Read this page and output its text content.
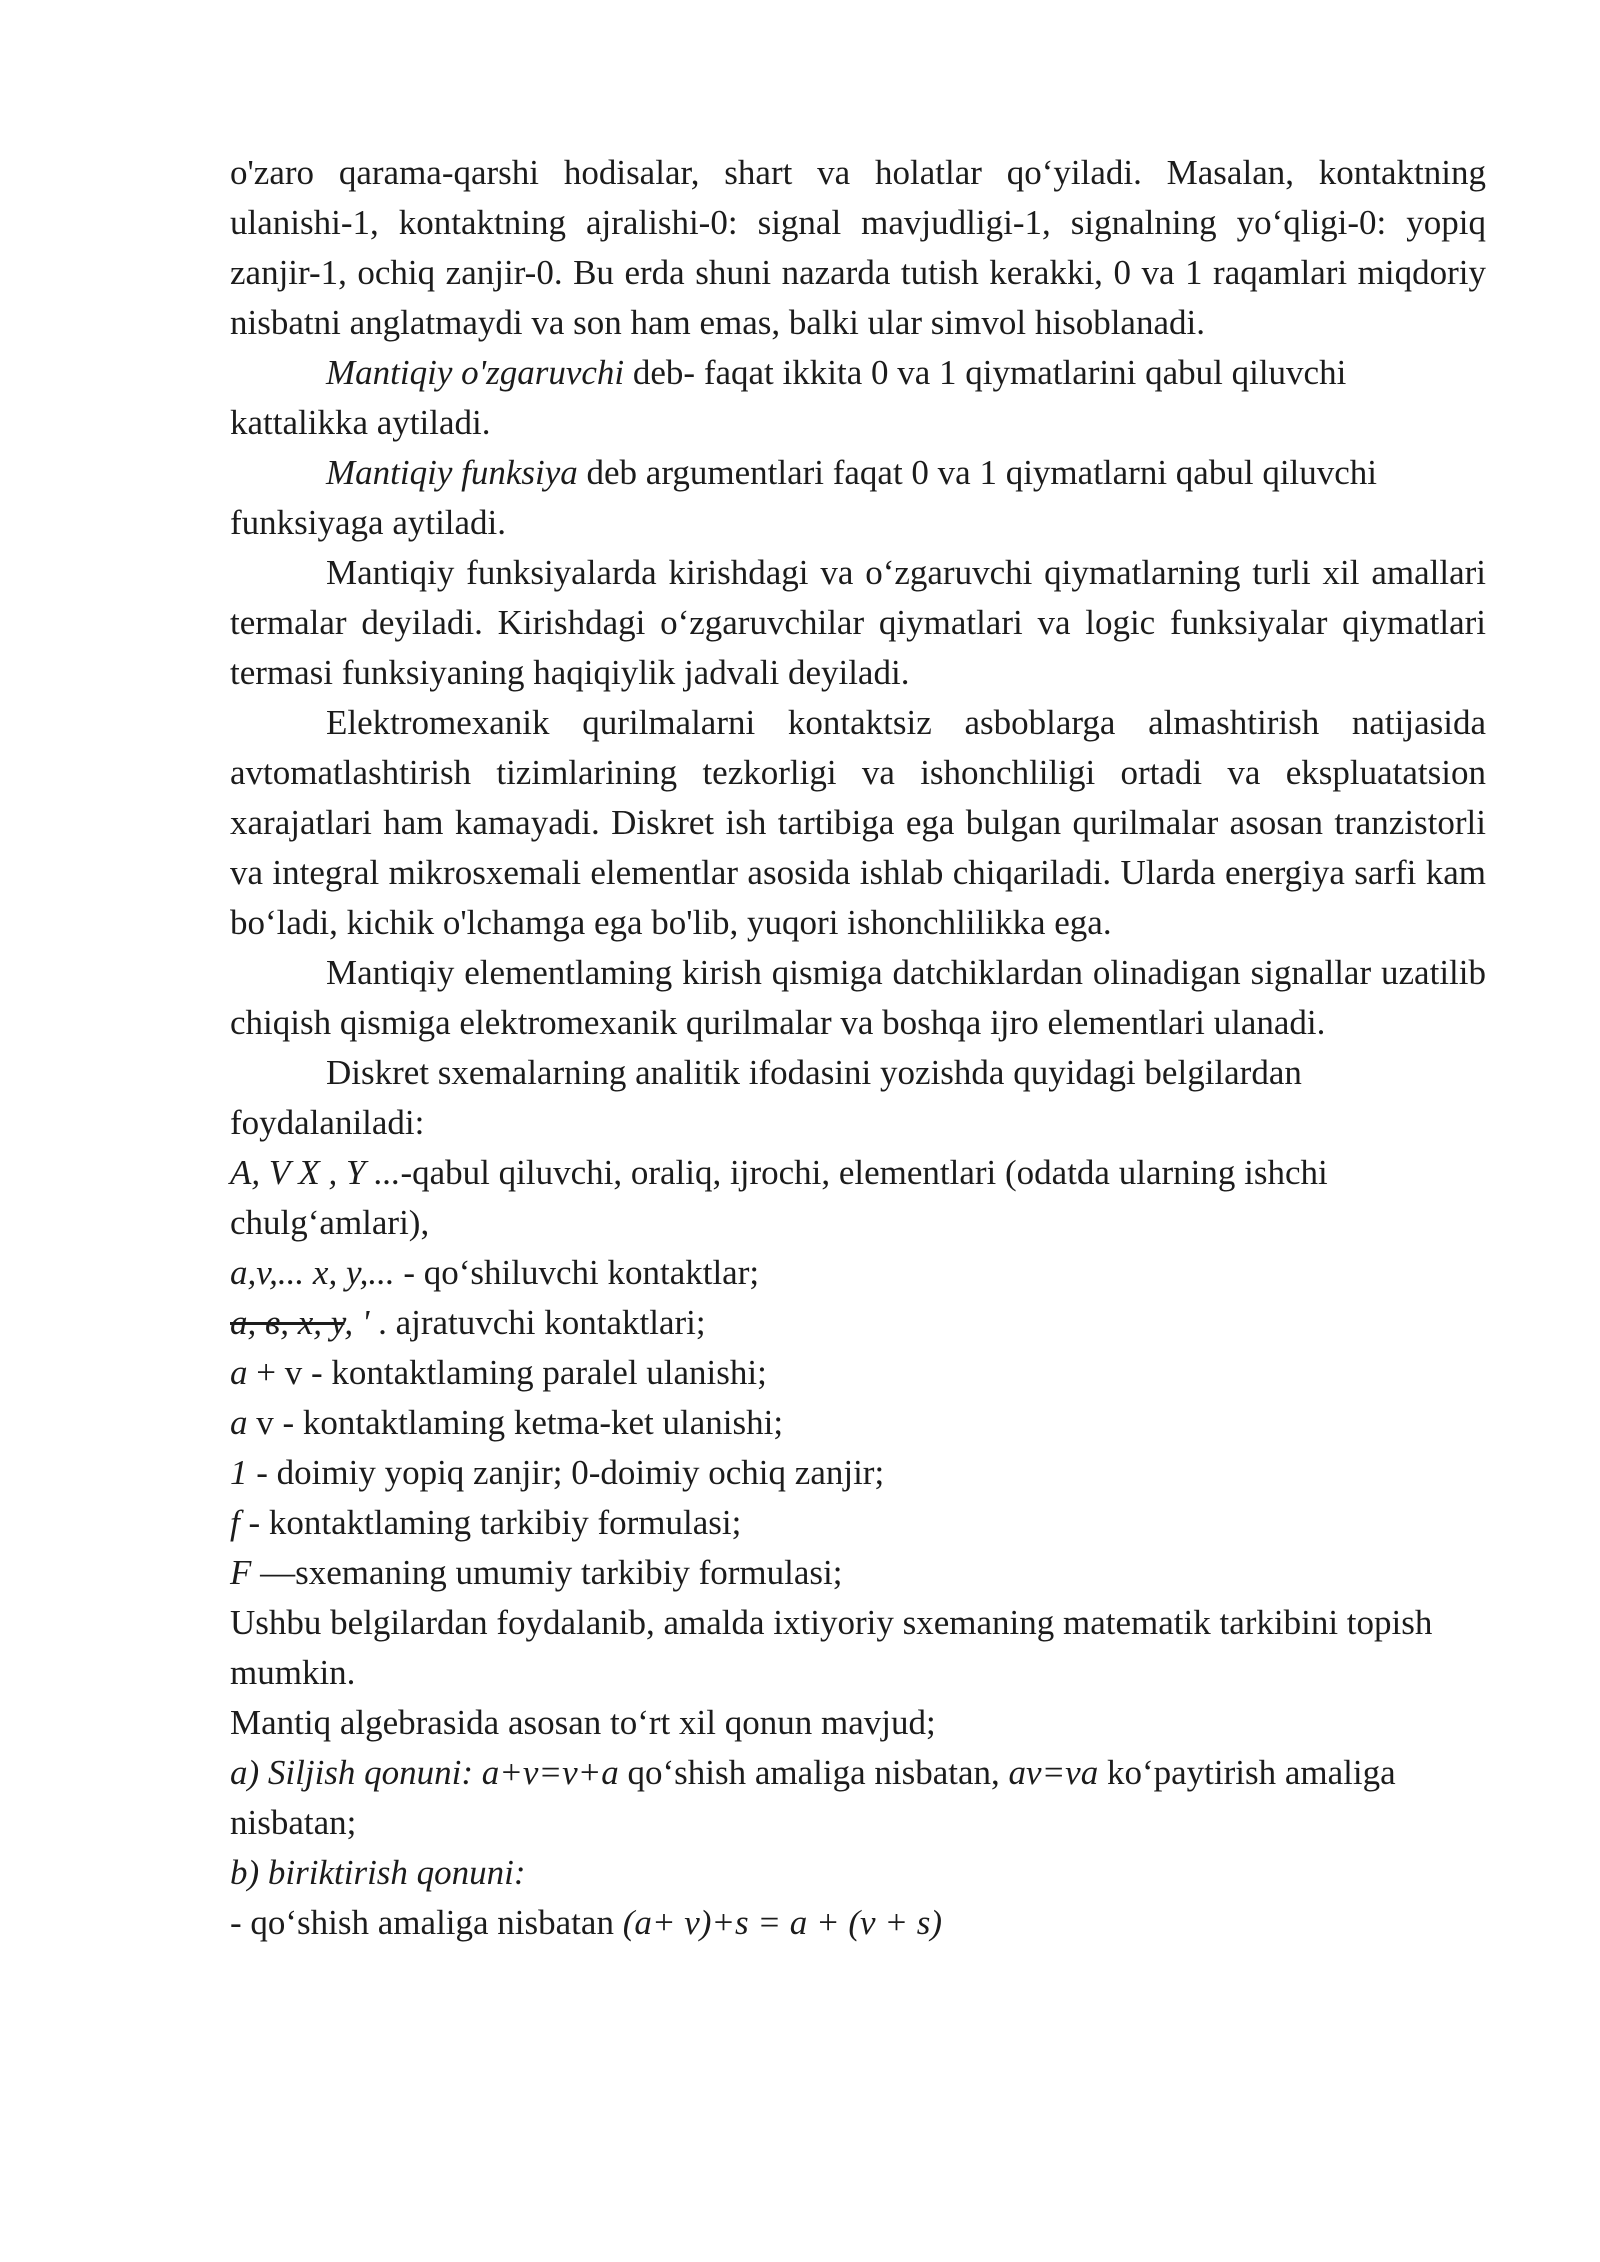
o'zaro qarama-qarshi hodisalar, shart va holatlar qo‘yiladi. Masalan, kontaktning ulanishi-1, kontaktning ajralishi-0: signal mavjudligi-1, signalning yo‘qligi-0: yopiq zanjir-1, ochiq zanjir-0. Bu erda shuni nazarda tutish kerakki, 0 va 1 raqamlari miqdoriy nisbatni anglatmaydi va son ham emas, balki ular simvol hisoblanadi.

Mantiqiy o'zgaruvchi deb- faqat ikkita 0 va 1 qiymatlarini qabul qiluvchi kattalikka aytiladi.

Mantiqiy funksiya deb argumentlari faqat 0 va 1 qiymatlarni qabul qiluvchi funksiyaga aytiladi.

Mantiqiy funksiyalarda kirishdagi va o‘zgaruvchi qiymatlarning turli xil amallari termalar deyiladi. Kirishdagi o‘zgaruvchilar qiymatlari va logic funksiyalar qiymatlari termasi funksiyaning haqiqiylik jadvali deyiladi.

Elektromexanik qurilmalarni kontaktsiz asboblarga almashtirish natijasida avtomatlashtirish tizimlarining tezkorligi va ishonchliligi ortadi va ekspluatatsion xarajatlari ham kamayadi. Diskret ish tartibiga ega bulgan qurilmalar asosan tranzistorli va integral mikrosxemali elementlar asosida ishlab chiqariladi. Ularda energiya sarfi kam bo‘ladi, kichik o'lchamga ega bo'lib, yuqori ishonchlilikka ega.

Mantiqiy elementlaming kirish qismiga datchiklardan olinadigan signallar uzatilib chiqish qismiga elektromexanik qurilmalar va boshqa ijro elementlari ulanadi.

Diskret sxemalarning analitik ifodasini yozishda quyidagi belgilardan foydalaniladi:

A, V X , Y ...-qabul qiluvchi, oraliq, ijrochi, elementlari (odatda ularning ishchi chulg‘amlari),

a,v,... x, y,... - qo‘shiluvchi kontaktlar;

a, в, x, y, ' . ajratuvchi kontaktlari;

a + v - kontaktlaming paralel ulanishi;

a v - kontaktlaming ketma-ket ulanishi;

1 - doimiy yopiq zanjir; 0-doimiy ochiq zanjir;

f - kontaktlaming tarkibiy formulasi;

F —sxemaning umumiy tarkibiy formulasi;

Ushbu belgilardan foydalanib, amalda ixtiyoriy sxemaning matematik tarkibini topish mumkin.

Mantiq algebrasida asosan to‘rt xil qonun mavjud;

a) Siljish qonuni: a+v=v+a qo‘shish amaliga nisbatan, av=va ko‘paytirish amaliga nisbatan;

b) biriktirish qonuni:

- qo‘shish amaliga nisbatan (a+ v)+s = a + (v + s)
